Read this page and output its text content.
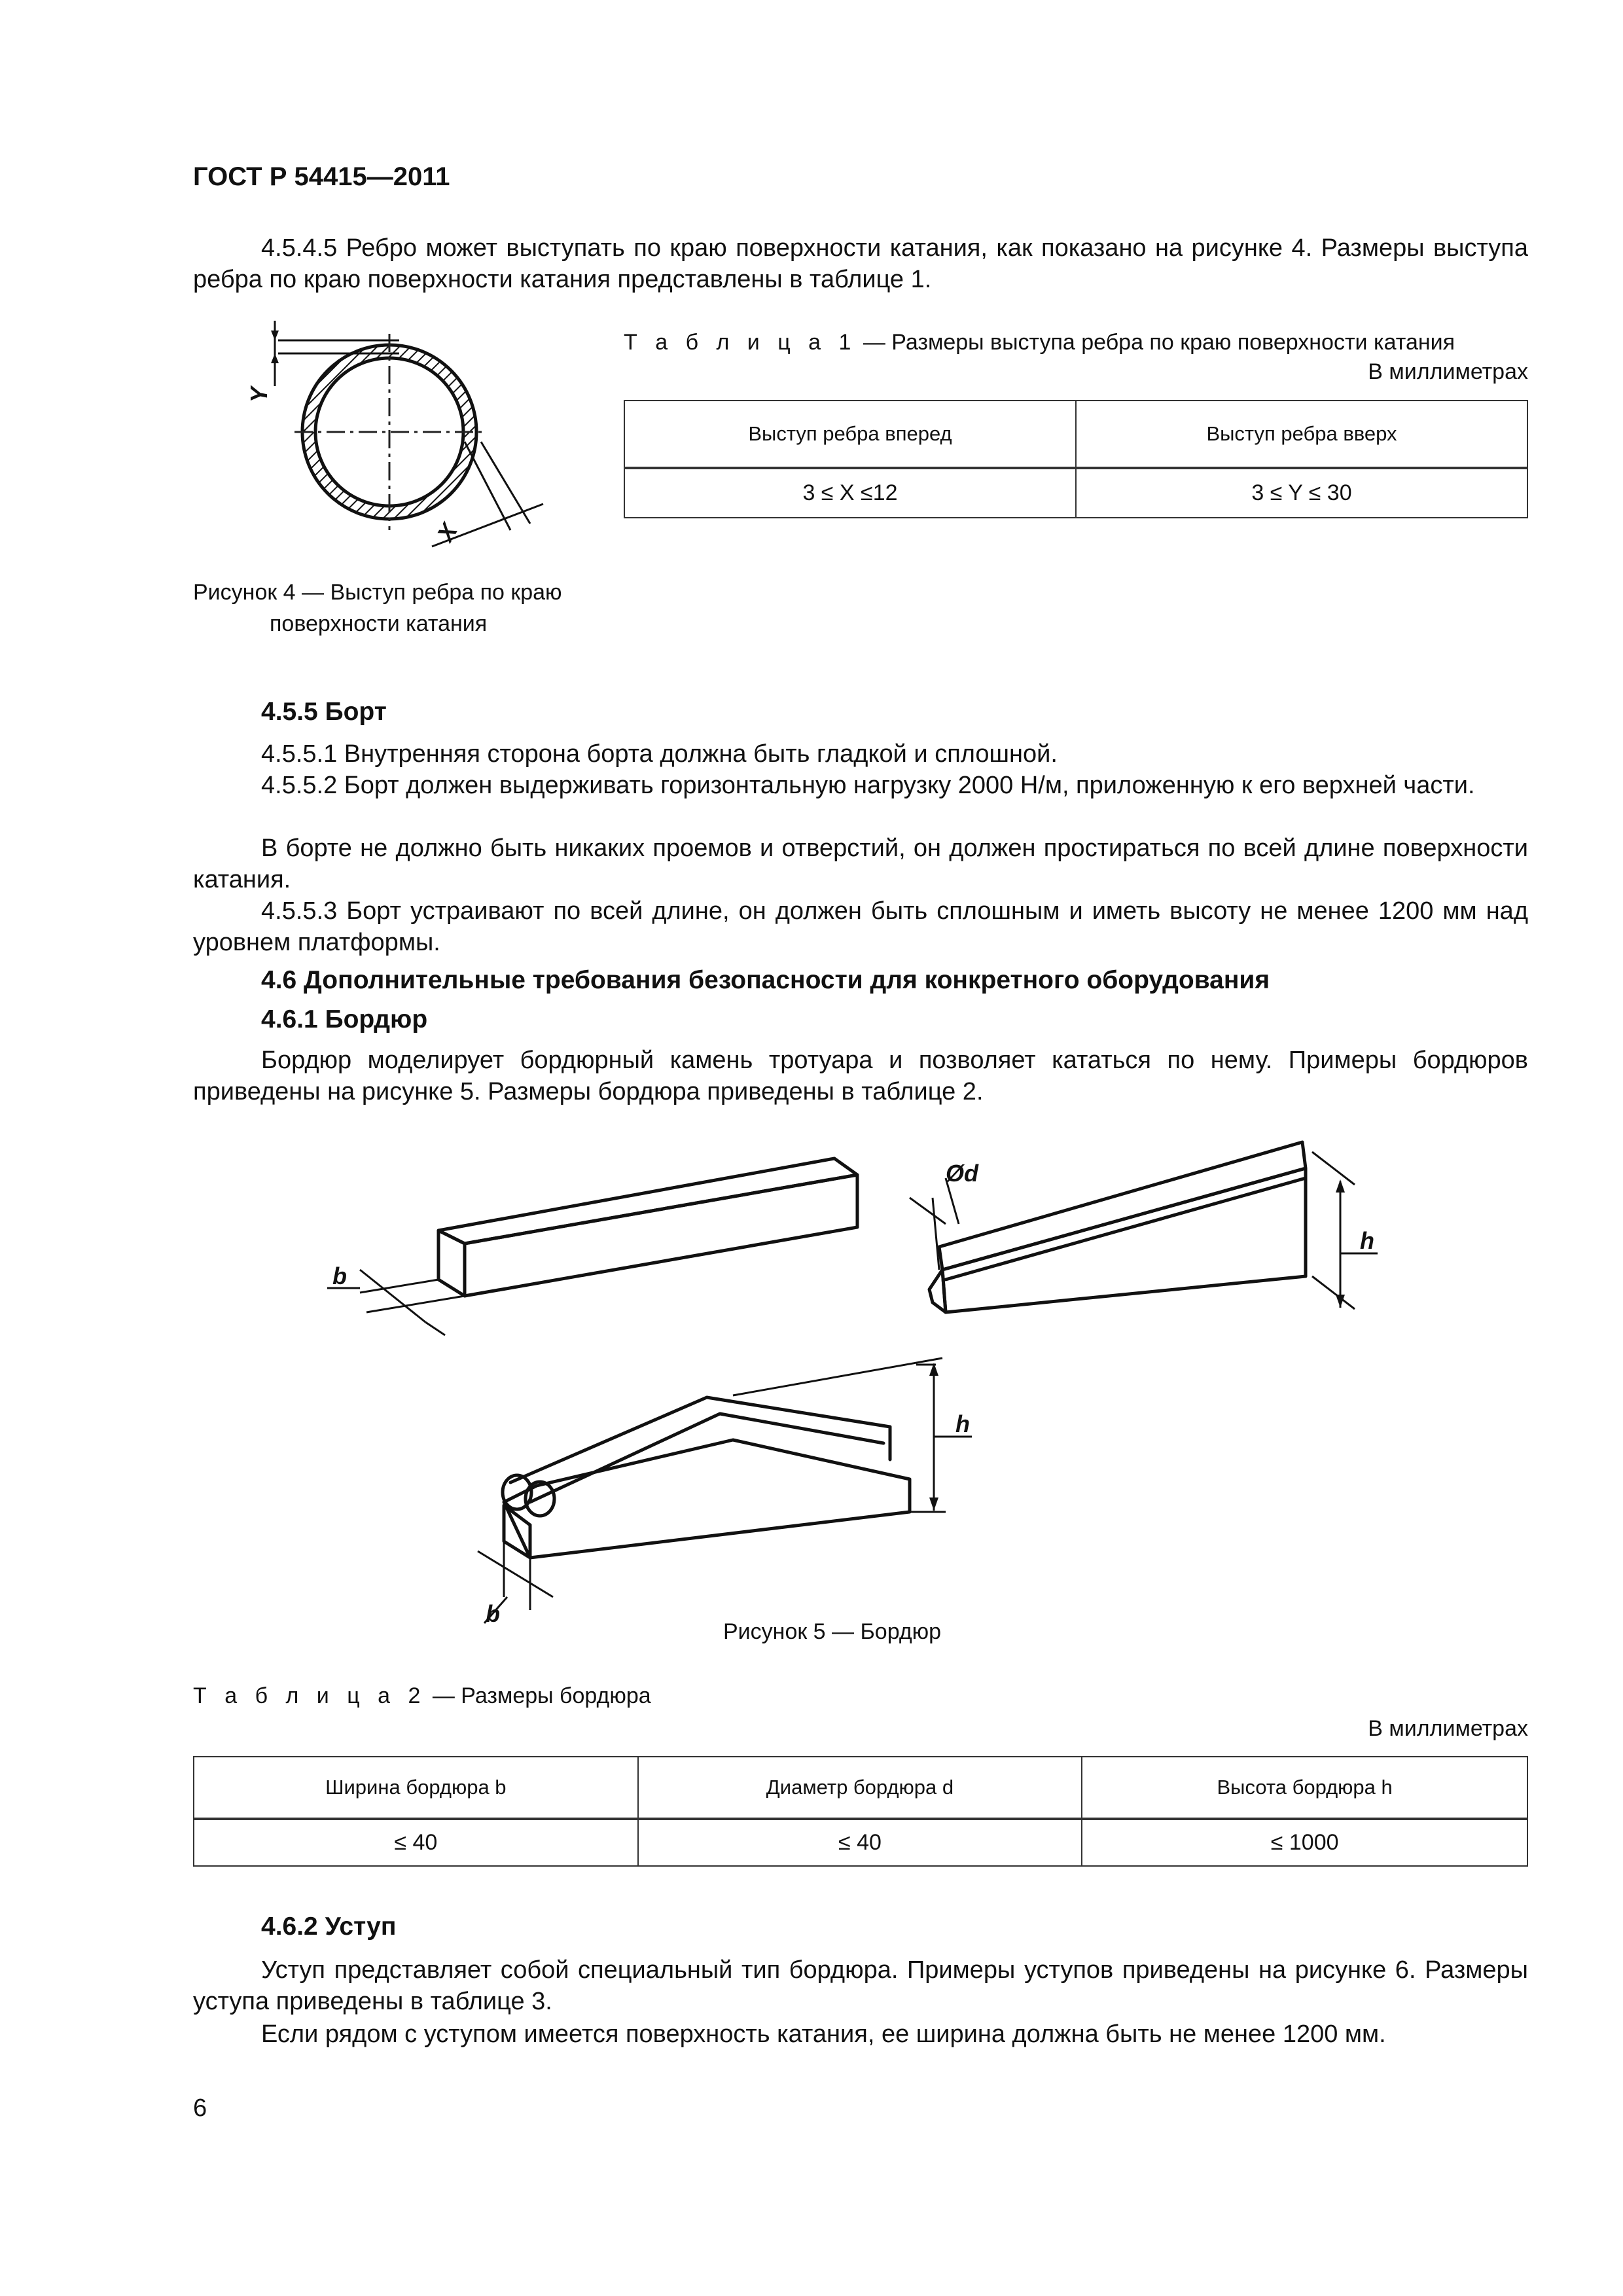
ГОСТ Р 54415—2011
4.5.4.5 Ребро может выступать по краю поверхности катания, как показано на рисунке 4. Размеры выступа ребра по краю поверхности катания представлены в таблице 1.
Y
X
Рисунок 4 — Выступ ребра по краю
поверхности катания
Т а б л и ц а 1 — Размеры выступа ребра по краю поверхности катания
В миллиметрах
Выступ ребра вперед	Выступ ребра вверх
3 ≤ X ≤12	3 ≤ Y ≤ 30
4.5.5 Борт
4.5.5.1 Внутренняя сторона борта должна быть гладкой и сплошной.
4.5.5.2 Борт должен выдерживать горизонтальную нагрузку 2000 Н/м, приложенную к его верхней части.
В борте не должно быть никаких проемов и отверстий, он должен простираться по всей длине поверхности катания.
4.5.5.3 Борт устраивают по всей длине, он должен быть сплошным и иметь высоту не менее 1200 мм над уровнем платформы.
4.6 Дополнительные требования безопасности для конкретного оборудования
4.6.1 Бордюр
Бордюр моделирует бордюрный камень тротуара и позволяет кататься по нему. Примеры бордюров приведены на рисунке 5. Размеры бордюра приведены в таблице 2.
b
h
Ød
h
b
Рисунок 5 — Бордюр
Т а б л и ц а 2 — Размеры бордюра
В миллиметрах
Ширина бордюра b	Диаметр бордюра d	Высота бордюра h
≤ 40	≤ 40	≤ 1000
4.6.2 Уступ
Уступ представляет собой специальный тип бордюра. Примеры уступов приведены на рисунке 6. Размеры уступа приведены в таблице 3.
Если рядом с уступом имеется поверхность катания, ее ширина должна быть не менее 1200 мм.
6
